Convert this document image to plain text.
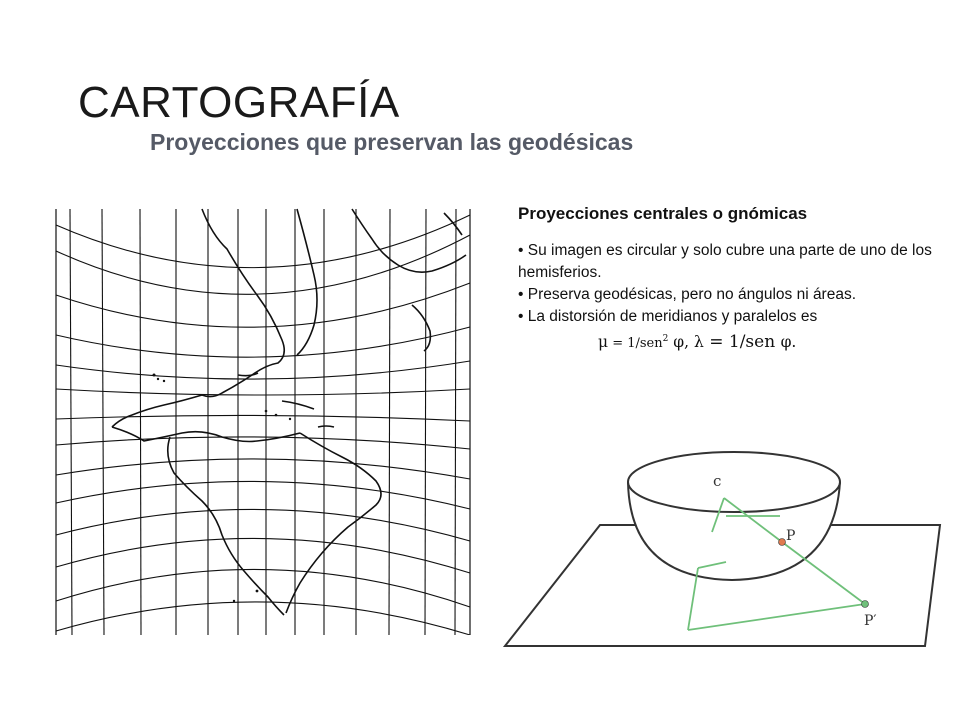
CARTOGRAFÍA
Proyecciones que preservan las geodésicas

Proyecciones centrales o gnómicas

• Su imagen es circular y solo cubre una parte de uno de los hemisferios.

• Preserva geodésicas, pero no ángulos ni áreas.

• La distorsión de meridianos y paralelos es

μ = 1/sen$^2$ φ, λ = 1/sen φ.

c
P
P′
